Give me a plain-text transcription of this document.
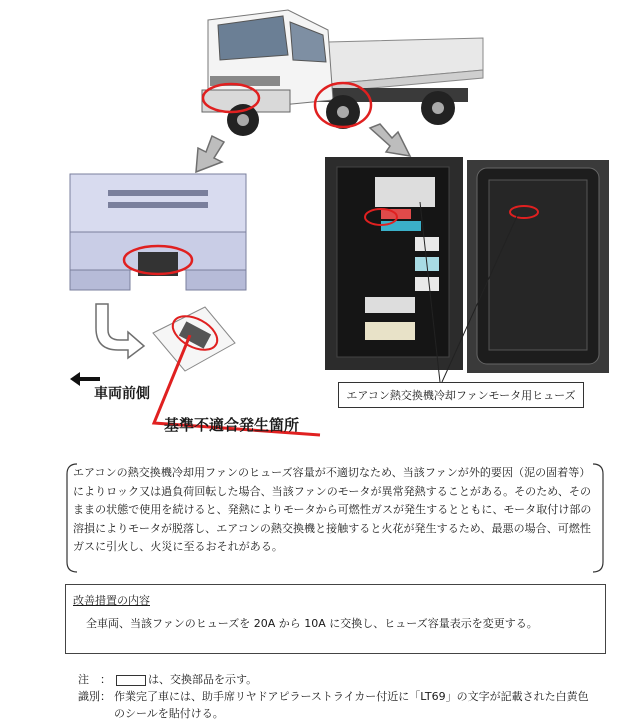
車両前側
基準不適合発生箇所
エアコン熱交換機冷却ファンモータ用ヒューズ
エアコンの熱交換機冷却用ファンのヒューズ容量が不適切なため、当該ファンが外的要因（泥の固着等）によりロック又は過負荷回転した場合、当該ファンのモータが異常発熱することがある。そのため、そのままの状態で使用を続けると、発熱によりモータから可燃性ガスが発生するとともに、モータ取付け部の溶損によりモータが脱落し、エアコンの熱交換機と接触すると火花が発生するため、最悪の場合、可燃性ガスに引火し、火災に至るおそれがある。
改善措置の内容
全車両、当該ファンのヒューズを 20A から 10A に交換し、ヒューズ容量表示を変更する。
注　：	は、交換部品を示す。
識別： 作業完了車には、助手席リヤドアピラーストライカー付近に「LT69」の文字が記載された白黄色のシールを貼付ける。
